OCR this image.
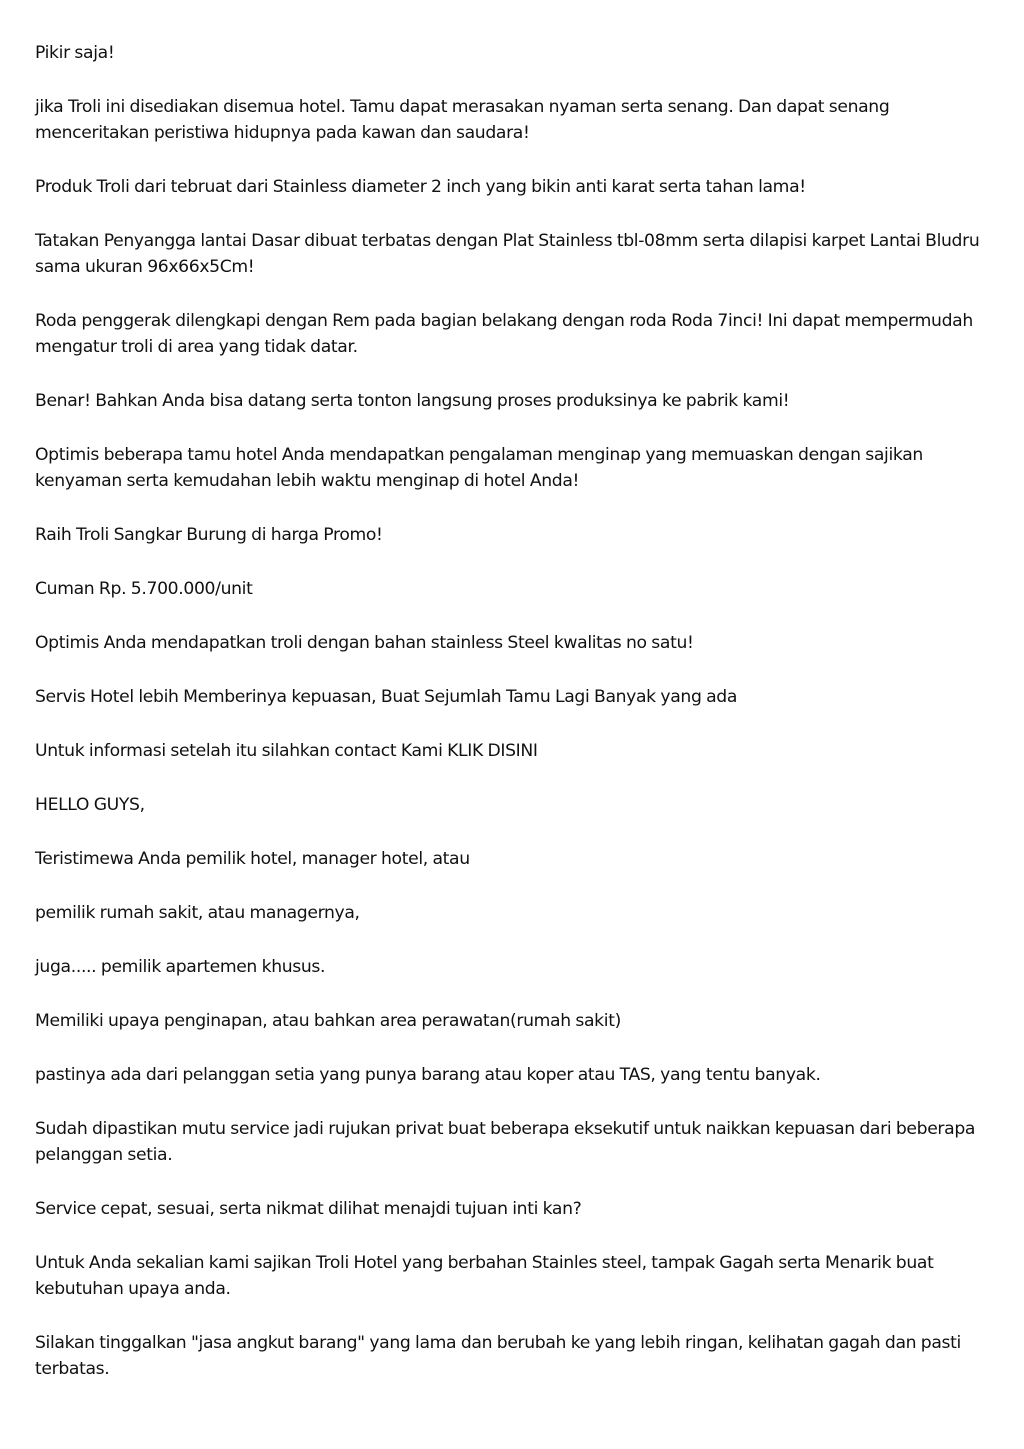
Pikir saja!

jika Troli ini disediakan disemua hotel. Tamu dapat merasakan nyaman serta senang. Dan dapat senang menceritakan peristiwa hidupnya pada kawan dan saudara!

Produk Troli dari tebruat dari Stainless diameter 2 inch yang bikin anti karat serta tahan lama!

Tatakan Penyangga lantai Dasar dibuat terbatas dengan Plat Stainless tbl-08mm serta dilapisi karpet Lantai Bludru sama ukuran 96x66x5Cm!

Roda penggerak dilengkapi dengan Rem pada bagian belakang dengan roda Roda 7inci! Ini dapat mempermudah mengatur troli di area yang tidak datar.

Benar! Bahkan Anda bisa datang serta tonton langsung proses produksinya ke pabrik kami!

Optimis beberapa tamu hotel Anda mendapatkan pengalaman menginap yang memuaskan dengan sajikan kenyaman serta kemudahan lebih waktu menginap di hotel Anda!

Raih Troli Sangkar Burung di harga Promo!

Cuman Rp. 5.700.000/unit

Optimis Anda mendapatkan troli dengan bahan stainless Steel kwalitas no satu!

Servis Hotel lebih Memberinya kepuasan, Buat Sejumlah Tamu Lagi Banyak yang ada

Untuk informasi setelah itu silahkan contact Kami KLIK DISINI

HELLO GUYS,

Teristimewa Anda pemilik hotel, manager hotel, atau

pemilik rumah sakit, atau managernya,

juga..... pemilik apartemen khusus.

Memiliki upaya penginapan, atau bahkan area perawatan(rumah sakit)

pastinya ada dari pelanggan setia yang punya barang atau koper atau TAS, yang tentu banyak.

Sudah dipastikan mutu service jadi rujukan privat buat beberapa eksekutif untuk naikkan kepuasan dari beberapa pelanggan setia.

Service cepat, sesuai, serta nikmat dilihat menajdi tujuan inti kan?

Untuk Anda sekalian kami sajikan Troli Hotel yang berbahan Stainles steel, tampak Gagah serta Menarik buat kebutuhan upaya anda.

Silakan tinggalkan "jasa angkut barang" yang lama dan berubah ke yang lebih ringan, kelihatan gagah dan pasti terbatas.
